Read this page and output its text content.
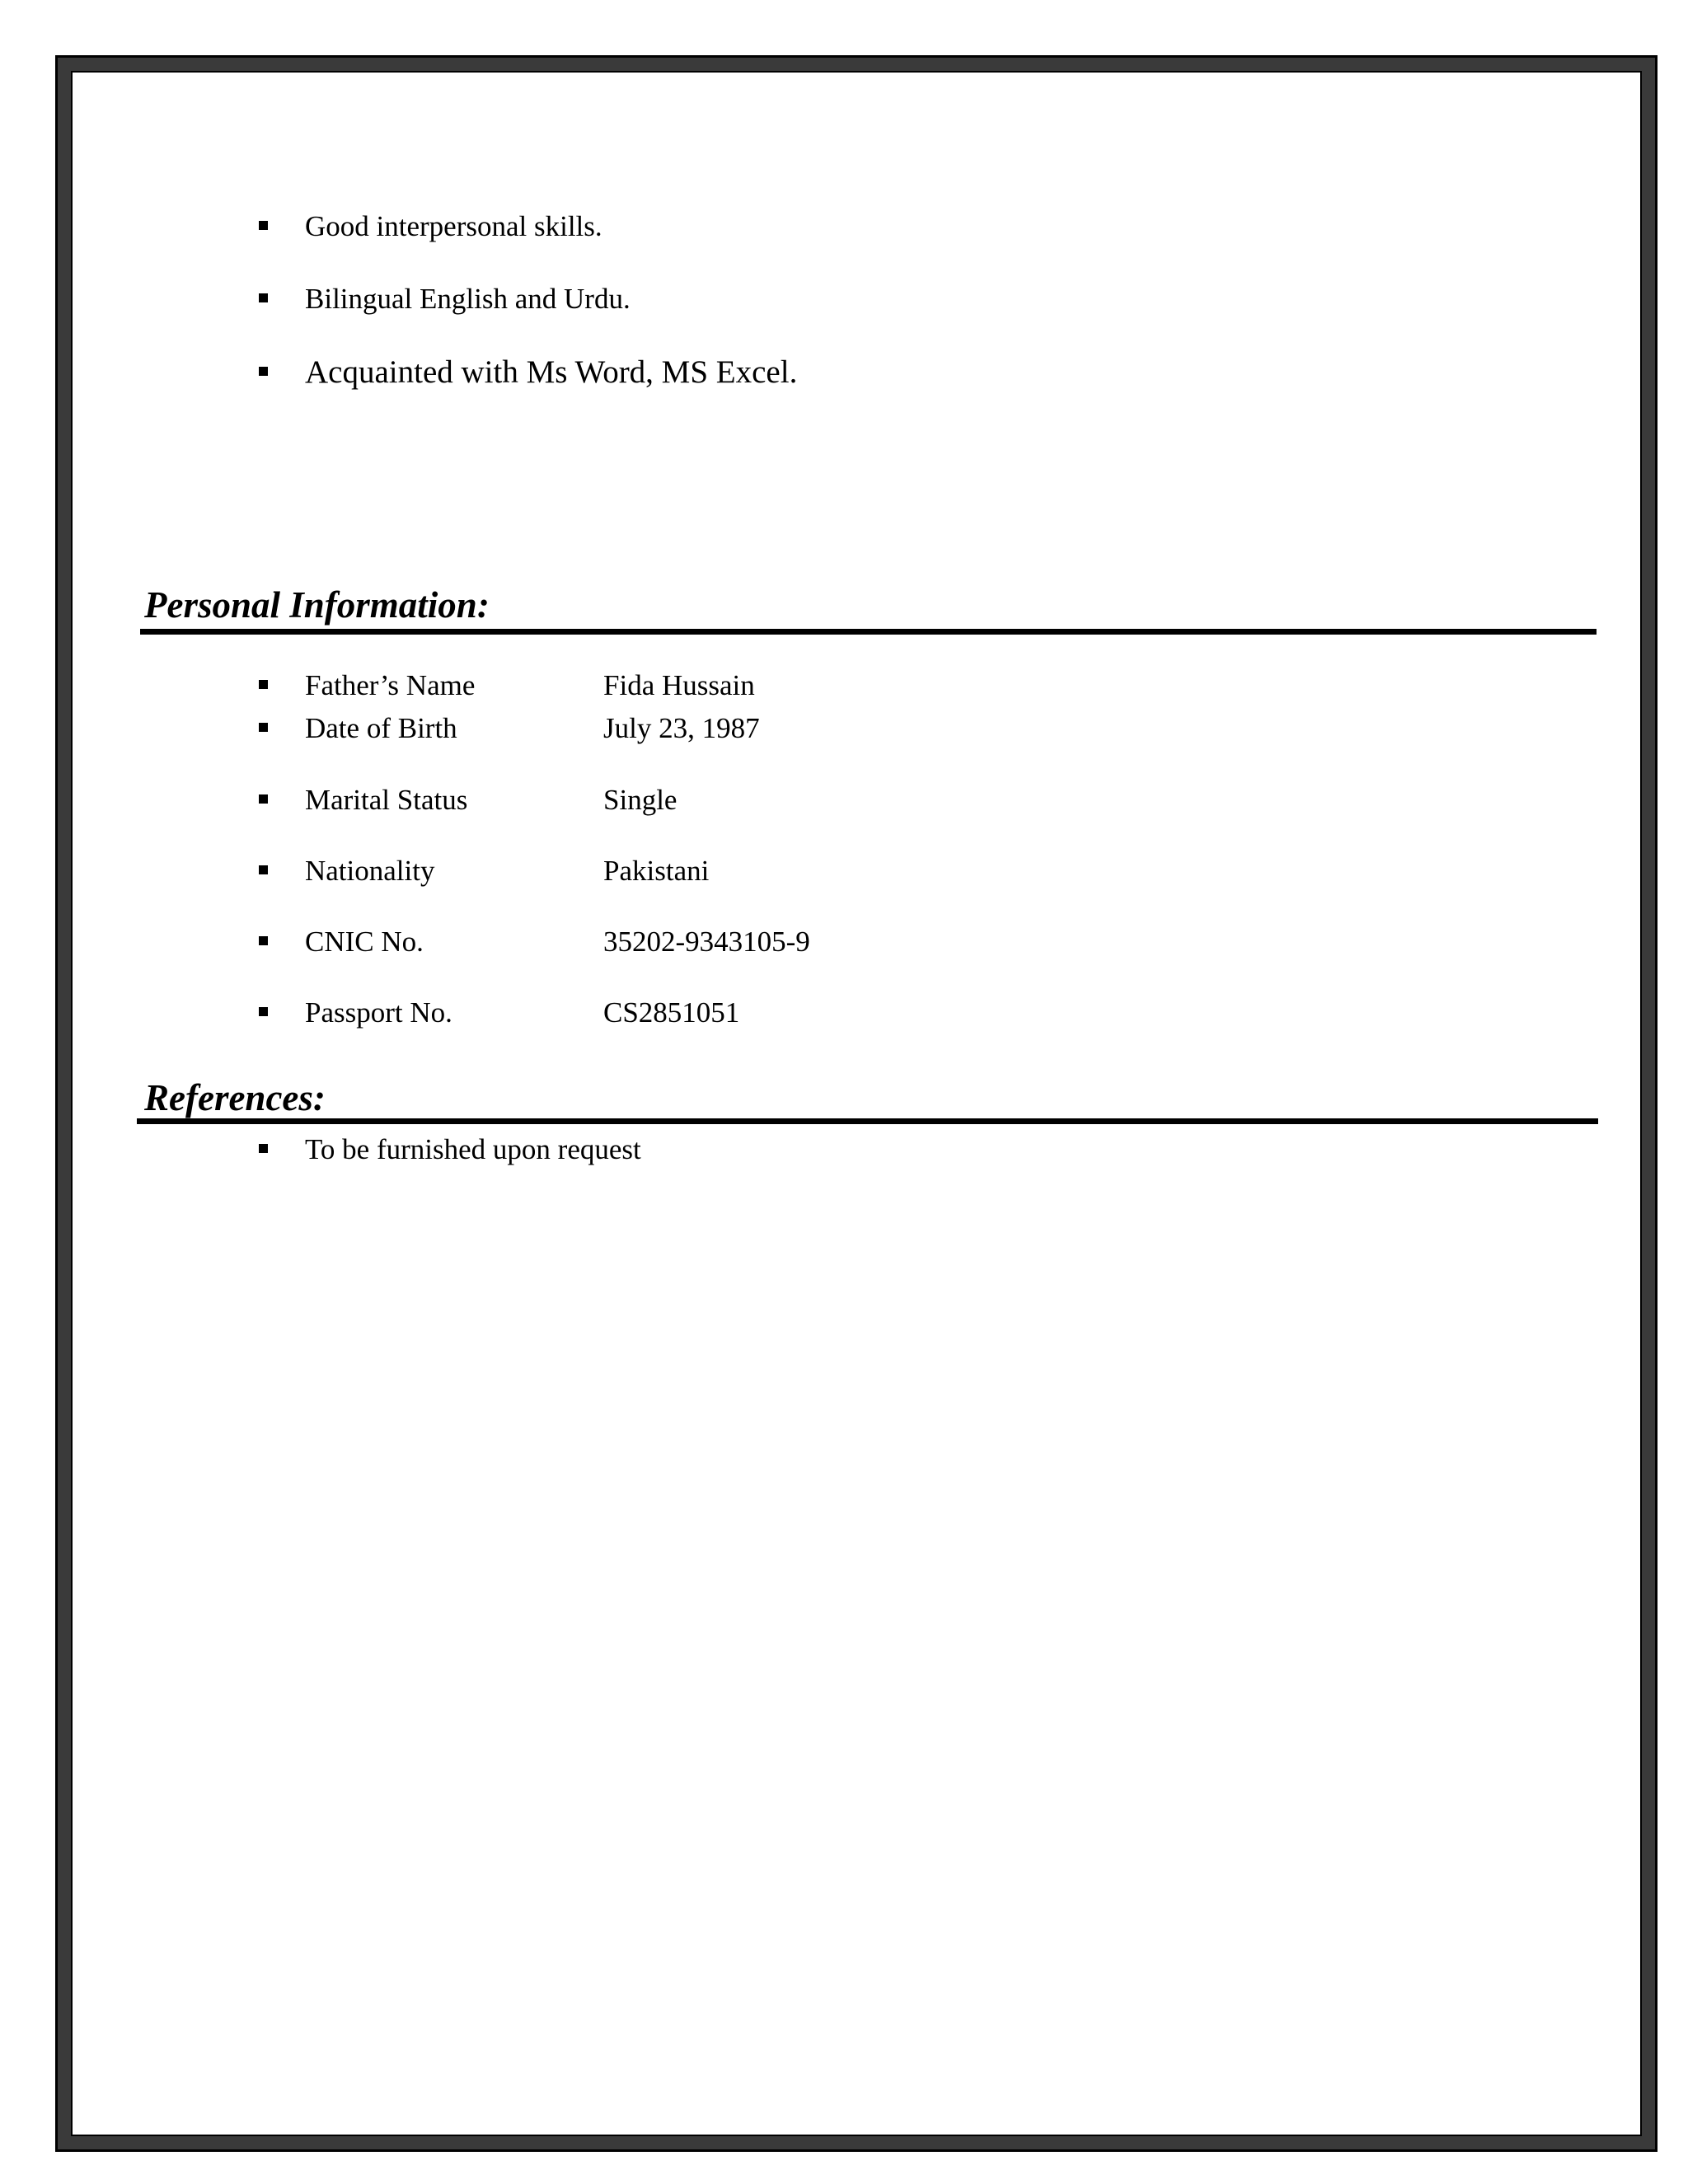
Good interpersonal skills.
Bilingual English and Urdu.
Acquainted with Ms Word, MS Excel.
Personal Information:
Father’s Name	Fida Hussain
Date of Birth	July 23, 1987
Marital Status	Single
Nationality	Pakistani
CNIC No.	35202-9343105-9
Passport No.	CS2851051
References:
To be furnished upon request
